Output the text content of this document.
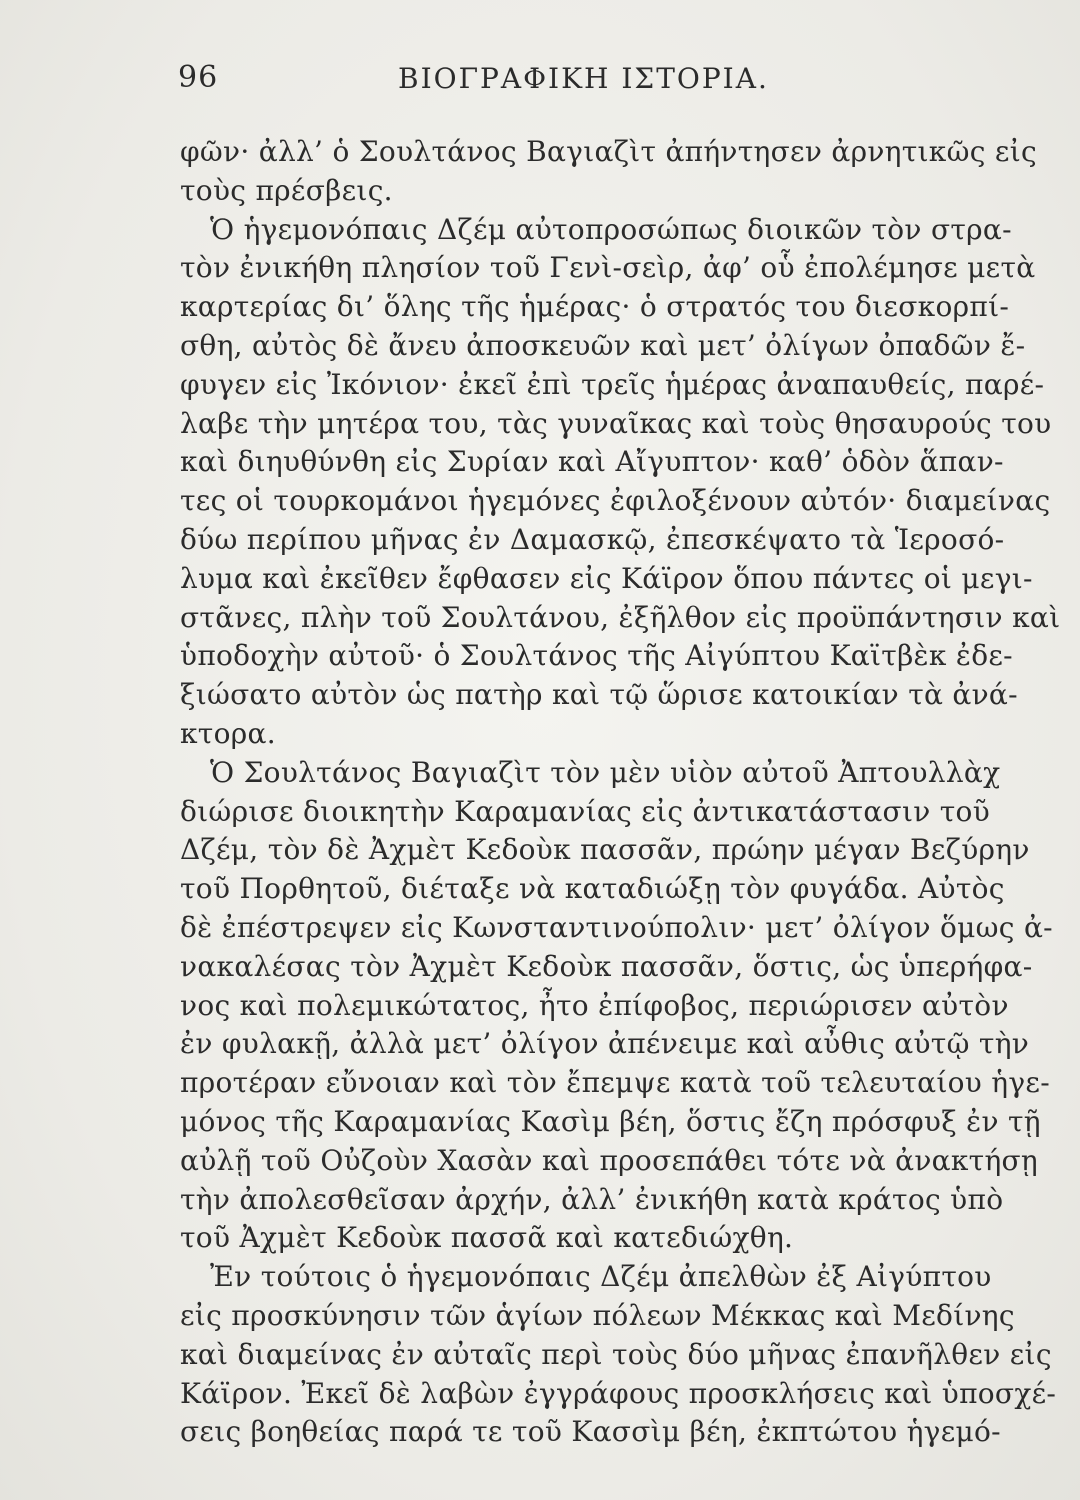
96	ΒΙΟΓΡΑΦΙΚΗ ΙΣΤΟΡΙΑ.
φῶν· ἀλλ’ ὁ Σουλτάνος Βαγιαζὶτ ἀπήντησεν ἀρνητικῶς εἰς
τοὺς πρέσβεις.
Ὁ ἡγεμονόπαις Δζέμ αὐτοπροσώπως διοικῶν τὸν στρα-
τὸν ἐνικήθη πλησίον τοῦ Γενὶ-σεὶρ, ἀφ’ οὗ ἐπολέμησε μετὰ
καρτερίας δι’ ὅλης τῆς ἡμέρας· ὁ στρατός του διεσκορπί-
σθη, αὐτὸς δὲ ἄνευ ἀποσκευῶν καὶ μετ’ ὀλίγων ὀπαδῶν ἔ-
φυγεν εἰς Ἰκόνιον· ἐκεῖ ἐπὶ τρεῖς ἡμέρας ἀναπαυθείς, παρέ-
λαβε τὴν μητέρα του, τὰς γυναῖκας καὶ τοὺς θησαυρούς του
καὶ διηυθύνθη εἰς Συρίαν καὶ Αἴγυπτον· καθ’ ὁδὸν ἅπαν-
τες οἱ τουρκομάνοι ἡγεμόνες ἐφιλοξένουν αὐτόν· διαμείνας
δύω περίπου μῆνας ἐν Δαμασκῷ, ἐπεσκέψατο τὰ Ἱεροσό-
λυμα καὶ ἐκεῖθεν ἔφθασεν εἰς Κάϊρον ὅπου πάντες οἱ μεγι-
στᾶνες, πλὴν τοῦ Σουλτάνου, ἐξῆλθον εἰς προϋπάντησιν καὶ
ὑποδοχὴν αὐτοῦ· ὁ Σουλτάνος τῆς Αἰγύπτου Καϊτβὲκ ἐδε-
ξιώσατο αὐτὸν ὡς πατὴρ καὶ τῷ ὥρισε κατοικίαν τὰ ἀνά-
κτορα.
Ὁ Σουλτάνος Βαγιαζὶτ τὸν μὲν υἱὸν αὐτοῦ Ἀπτουλλὰχ
διώρισε διοικητὴν Καραμανίας εἰς ἀντικατάστασιν τοῦ
Δζέμ, τὸν δὲ Ἀχμὲτ Κεδοὺκ πασσᾶν, πρώην μέγαν Βεζύρην
τοῦ Πορθητοῦ, διέταξε νὰ καταδιώξῃ τὸν φυγάδα. Αὐτὸς
δὲ ἐπέστρεψεν εἰς Κωνσταντινούπολιν· μετ’ ὀλίγον ὅμως ἀ-
νακαλέσας τὸν Ἀχμὲτ Κεδοὺκ πασσᾶν, ὅστις, ὡς ὑπερήφα-
νος καὶ πολεμικώτατος, ἦτο ἐπίφοβος, περιώρισεν αὐτὸν
ἐν φυλακῇ, ἀλλὰ μετ’ ὀλίγον ἀπένειμε καὶ αὖθις αὐτῷ τὴν
προτέραν εὔνοιαν καὶ τὸν ἔπεμψε κατὰ τοῦ τελευταίου ἡγε-
μόνος τῆς Καραμανίας Κασὶμ βέη, ὅστις ἔζη πρόσφυξ ἐν τῇ
αὐλῇ τοῦ Οὐζοὺν Χασὰν καὶ προσεπάθει τότε νὰ ἀνακτήσῃ
τὴν ἀπολεσθεῖσαν ἀρχήν, ἀλλ’ ἐνικήθη κατὰ κράτος ὑπὸ
τοῦ Ἀχμὲτ Κεδοὺκ πασσᾶ καὶ κατεδιώχθη.
Ἐν τούτοις ὁ ἡγεμονόπαις Δζέμ ἀπελθὼν ἐξ Αἰγύπτου
εἰς προσκύνησιν τῶν ἁγίων πόλεων Μέκκας καὶ Μεδίνης
καὶ διαμείνας ἐν αὐταῖς περὶ τοὺς δύο μῆνας ἐπανῆλθεν εἰς
Κάϊρον. Ἐκεῖ δὲ λαβὼν ἐγγράφους προσκλήσεις καὶ ὑποσχέ-
σεις βοηθείας παρά τε τοῦ Κασσὶμ βέη, ἐκπτώτου ἡγεμό-
